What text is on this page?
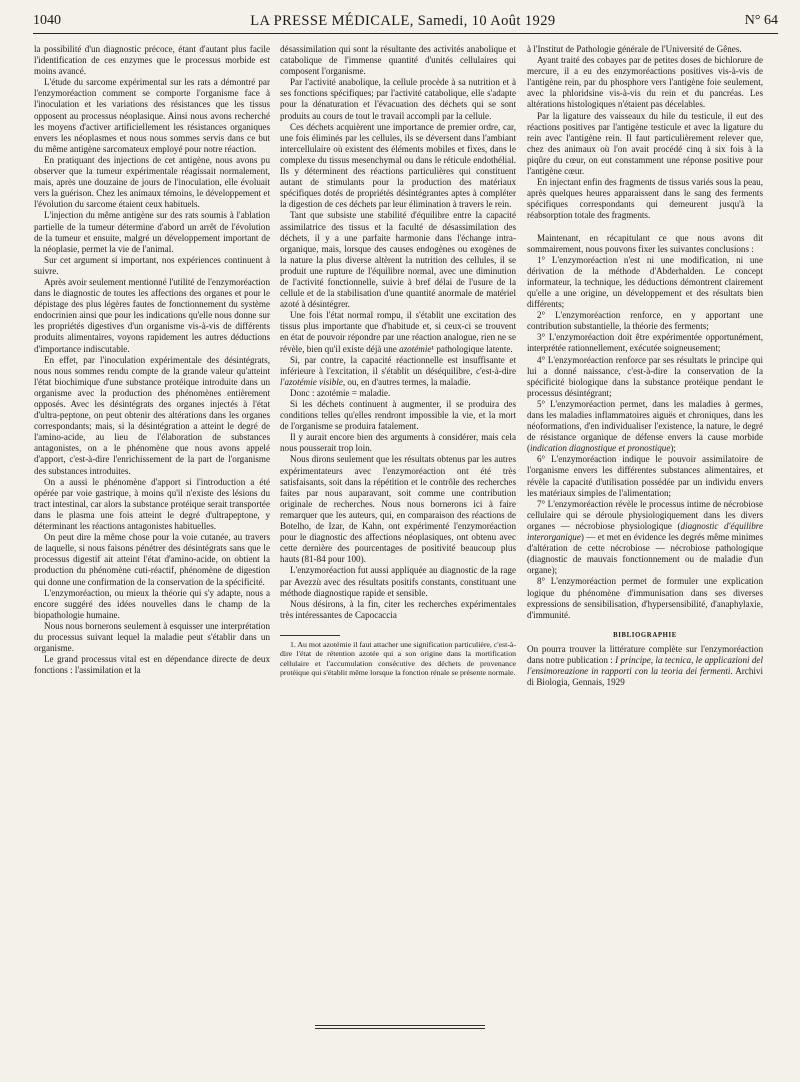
1040	LA PRESSE MÉDICALE, Samedi, 10 Août 1929	N° 64

la possibilité d'un diagnostic précoce, étant d'autant plus facile l'identification de ces enzymes que le processus morbide est moins avancé.

L'étude du sarcome expérimental sur les rats a démontré par l'enzymoréaction comment se comporte l'organisme face à l'inoculation et les variations des résistances que les tissus opposent au processus néoplasique. Ainsi nous avons recherché les moyens d'activer artificiellement les résistances organiques envers les néoplasmes et nous nous sommes servis dans ce but du même antigène sarcomateux employé pour notre réaction.

En pratiquant des injections de cet antigène, nous avons pu observer que la tumeur expérimentale réagissait normalement, mais, après une douzaine de jours de l'inoculation, elle évoluait vers la guérison. Chez les animaux témoins, le développement et l'évolution du sarcome étaient ceux habituels.

L'injection du même antigène sur des rats soumis à l'ablation partielle de la tumeur détermine d'abord un arrêt de l'évolution de la tumeur et ensuite, malgré un développement important de la néoplasie, permet la vie de l'animal.

Sur cet argument si important, nos expériences continuent à suivre.

Après avoir seulement mentionné l'utilité de l'enzymoréaction dans le diagnostic de toutes les affections des organes et pour le dépistage des plus légères fautes de fonctionnement du système endocrinien ainsi que pour les indications qu'elle nous donne sur les propriétés digestives d'un organisme vis-à-vis de différents produits alimentaires, voyons rapidement les autres déductions d'importance indiscutable.

En effet, par l'inoculation expérimentale des désintégrats, nous nous sommes rendu compte de la grande valeur qu'atteint l'état biochimique d'une substance protéique introduite dans un organisme avec la production des phénomènes entièrement opposés. Avec les désintégrats des organes injectés à l'état d'ultra-peptone, on peut obtenir des altérations dans les organes correspondants; mais, si la désintégration a atteint le degré de l'amino-acide, au lieu de l'élaboration de substances antagonistes, on a le phénomène que nous avons appelé d'apport, c'est-à-dire l'enrichissement de la part de l'organisme des substances introduites.

On a aussi le phénomène d'apport si l'introduction a été opérée par voie gastrique, à moins qu'il n'existe des lésions du tract intestinal, car alors la substance protéique serait transportée dans le plasma une fois atteint le degré d'ultrapeptone, y déterminant les réactions antagonistes habituelles.

On peut dire la même chose pour la voie cutanée, au travers de laquelle, si nous faisons pénétrer des désintégrats sans que le processus digestif ait atteint l'état d'amino-acide, on obtient la production du phénomène cuti-réactif, phénomène de digestion qui donne une confirmation de la conservation de la spécificité.

L'enzymoréaction, ou mieux la théorie qui s'y adapte, nous a encore suggéré des idées nouvelles dans le champ de la biopathologie humaine.

Nous nous bornerons seulement à esquisser une interprétation du processus suivant lequel la maladie peut s'établir dans un organisme.

Le grand processus vital est en dépendance directe de deux fonctions : l'assimilation et la

désassimilation qui sont la résultante des activités anabolique et catabolique de l'immense quantité d'unités cellulaires qui composent l'organisme.

Par l'activité anabolique, la cellule procède à sa nutrition et à ses fonctions spécifiques; par l'activité catabolique, elle s'adapte pour la dénaturation et l'évacuation des déchets qui se sont produits au cours de tout le travail accompli par la cellule.

Ces déchets acquièrent une importance de premier ordre, car, une fois éliminés par les cellules, ils se déversent dans l'ambiant intercellulaire où existent des éléments mobiles et fixes, dans le complexe du tissus mesenchymal ou dans le réticule endothélial. Ils y déterminent des réactions particulières qui constituent autant de stimulants pour la production des matériaux spécifiques dotés de propriétés désintégrantes aptes à compléter la digestion de ces déchets par leur élimination à travers le rein.

Tant que subsiste une stabilité d'équilibre entre la capacité assimilatrice des tissus et la faculté de désassimilation des déchets, il y a une parfaite harmonie dans l'échange intra-organique, mais, lorsque des causes endogènes ou exogènes de la nature la plus diverse altèrent la nutrition des cellules, il se produit une rupture de l'équilibre normal, avec une diminution de l'activité fonctionnelle, suivie à bref délai de l'usure de la cellule et de la stabilisation d'une quantité anormale de matériel azoté à désintégrer.

Une fois l'état normal rompu, il s'établit une excitation des tissus plus importante que d'habitude et, si ceux-ci se trouvent en état de pouvoir répondre par une réaction analogue, rien ne se révèle, bien qu'il existe déjà une azotémie¹ pathologique latente.

Si, par contre, la capacité réactionnelle est insuffisante et inférieure à l'excitation, il s'établit un déséquilibre, c'est-à-dire l'azotémie visible, ou, en d'autres termes, la maladie.

Donc : azotémie = maladie.

Si les déchets continuent à augmenter, il se produira des conditions telles qu'elles rendront impossible la vie, et la mort de l'organisme se produira fatalement.

Il y aurait encore bien des arguments à considérer, mais cela nous pousserait trop loin.

Nous dirons seulement que les résultats obtenus par les autres expérimentateurs avec l'enzymoréaction ont été très satisfaisants, soit dans la répétition et le contrôle des recherches faites par nous auparavant, soit comme une contribution originale de recherches. Nous nous bornerons ici à faire remarquer que les auteurs, qui, en comparaison des réactions de Botelho, de Izar, de Kahn, ont expérimenté l'enzymoréaction pour le diagnostic des affections néoplasiques, ont obtenu avec cette dernière des pourcentages de positivité beaucoup plus hauts (81-84 pour 100).

L'enzymoréaction fut aussi appliquée au diagnostic de la rage par Avezzù avec des résultats positifs constants, constituant une méthode diagnostique rapide et sensible.

Nous désirons, à la fin, citer les recherches expérimentales très intéressantes de Capocaccia

1. Au mot azotémie il faut attacher une signification particulière, c'est-à-dire l'état de rétention azotée qui a son origine dans la mortification cellulaire et l'accumulation consécutive des déchets de provenance protéique qui s'établit même lorsque la fonction rénale se présente normale.

à l'Institut de Pathologie générale de l'Université de Gênes.

Ayant traité des cobayes par de petites doses de bichlorure de mercure, il a eu des enzymoréactions positives vis-à-vis de l'antigène rein, par du phosphore vers l'antigène foie seulement, avec la phloridsine vis-à-vis du rein et du pancréas. Les altérations histologiques n'étaient pas décelables.

Par la ligature des vaisseaux du hile du testicule, il eut des réactions positives par l'antigène testicule et avec la ligature du rein avec l'antigène rein. Il faut particulièrement relever que, chez des animaux où l'on avait procédé cinq à six fois à la piqûre du cœur, on eut constamment une réponse positive pour l'antigène cœur.

En injectant enfin des fragments de tissus variés sous la peau, après quelques heures apparaissent dans le sang des ferments spécifiques correspondants qui demeurent jusqu'à la réabsorption totale des fragments.

Maintenant, en récapitulant ce que nous avons dit sommairement, nous pouvons fixer les suivantes conclusions :

1° L'enzymoréaction n'est ni une modification, ni une dérivation de la méthode d'Abderhalden. Le concept informateur, la technique, les déductions démontrent clairement qu'elle a une origine, un développement et des résultats bien différents;

2° L'enzymoréaction renforce, en y apportant une contribution substantielle, la théorie des ferments;

3° L'enzymoréaction doit être expérimentée opportunément, interprétée rationnellement, exécutée soigneusement;

4° L'enzymoréaction renforce par ses résultats le principe qui lui a donné naissance, c'est-à-dire la conservation de la spécificité biologique dans la substance protéique pendant le processus désintégrant;

5° L'enzymoréaction permet, dans les maladies à germes, dans les maladies inflammatoires aiguës et chroniques, dans les néoformations, d'en individualiser l'existence, la nature, le degré de résistance organique de défense envers la cause morbide (indication diagnostique et pronostique);

6° L'enzymoréaction indique le pouvoir assimilatoire de l'organisme envers les différentes substances alimentaires, et révèle la capacité d'utilisation possédée par un individu envers les matériaux simples de l'alimentation;

7° L'enzymoréaction révèle le processus intime de nécrobiose cellulaire qui se déroule physiologiquement dans les divers organes — nécrobiose physiologique (diagnostic d'équilibre interorganique) — et met en évidence les degrés même minimes d'altération de cette nécrobiose — nécrobiose pathologique (diagnostic de mauvais fonctionnement ou de maladie d'un organe);

8° L'enzymoréaction permet de formuler une explication logique du phénomène d'immunisation dans ses diverses expressions de sensibilisation, d'hypersensibilité, d'anaphylaxie, d'immunité.

BIBLIOGRAPHIE

On pourra trouver la littérature complète sur l'enzymoréaction dans notre publication : I principe, la tecnica, le applicazioni del l'ensimoreazione in rapporti con la teoria dei fermenti. Archivi di Biologia, Gennais, 1929
